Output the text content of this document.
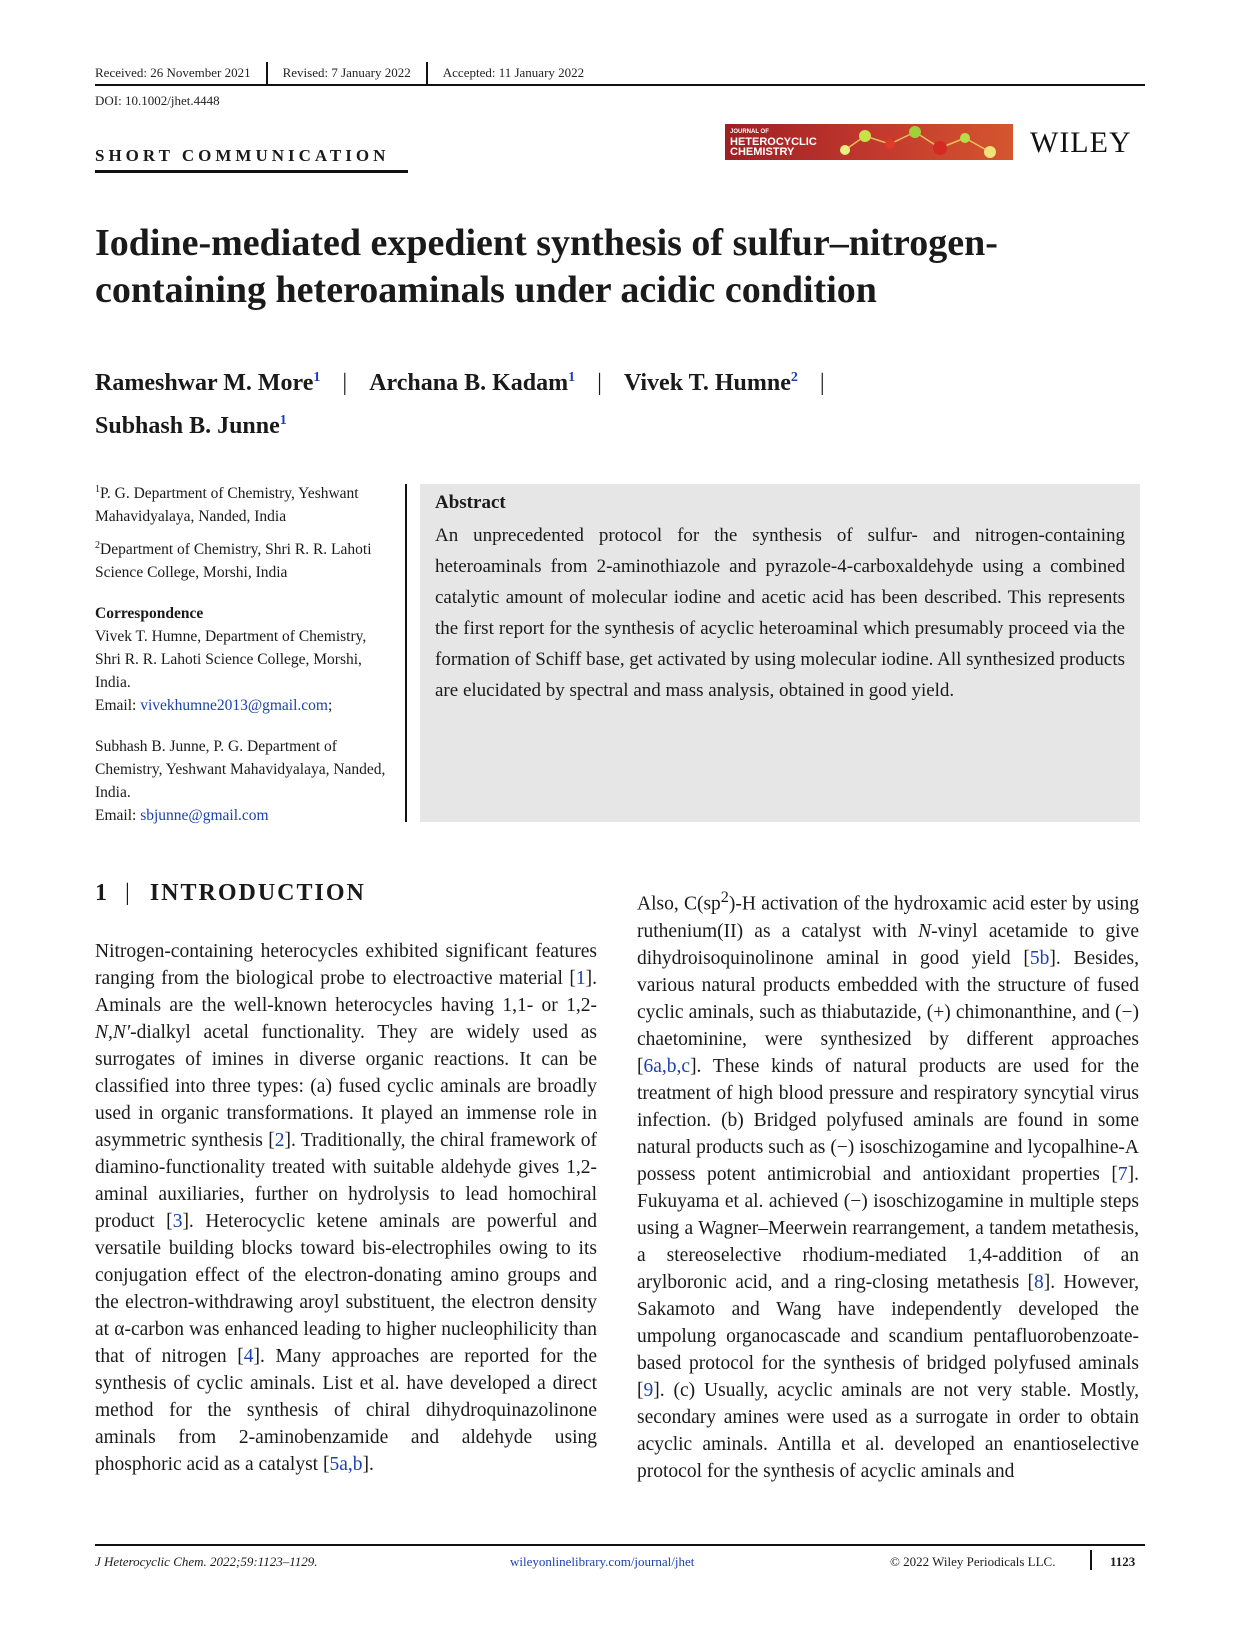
Received: 26 November 2021 Revised: 7 January 2022 Accepted: 11 January 2022
DOI: 10.1002/jhet.4448
SHORT COMMUNICATION
JOURNAL OF
HETEROCYCLIC
CHEMISTRY	WILEY
Iodine-mediated expedient synthesis of sulfur–nitrogen-containing heteroaminals under acidic condition
Rameshwar M. More$^1$ | Archana B. Kadam$^1$ | Vivek T. Humne$^2$ |
Subhash B. Junne$^1$

$^1$P. G. Department of Chemistry, Yeshwant Mahavidyalaya, Nanded, India

$^2$Department of Chemistry, Shri R. R. Lahoti Science College, Morshi, India

Correspondence
Vivek T. Humne, Department of Chemistry, Shri R. R. Lahoti Science College, Morshi, India.
Email: vivekhumne2013@gmail.com;

Subhash B. Junne, P. G. Department of Chemistry, Yeshwant Mahavidyalaya, Nanded, India.
Email: sbjunne@gmail.com

Abstract
An unprecedented protocol for the synthesis of sulfur- and nitrogen-containing heteroaminals from 2-aminothiazole and pyrazole-4-carboxaldehyde using a combined catalytic amount of molecular iodine and acetic acid has been described. This represents the first report for the synthesis of acyclic heteroaminal which presumably proceed via the formation of Schiff base, get activated by using molecular iodine. All synthesized products are elucidated by spectral and mass analysis, obtained in good yield.
1 | INTRODUCTION
Nitrogen-containing heterocycles exhibited significant features ranging from the biological probe to electroactive material [1]. Aminals are the well-known heterocycles having 1,1- or 1,2-N,N′-dialkyl acetal functionality. They are widely used as surrogates of imines in diverse organic reactions. It can be classified into three types: (a) fused cyclic aminals are broadly used in organic transformations. It played an immense role in asymmetric synthesis [2]. Traditionally, the chiral framework of diamino-functionality treated with suitable aldehyde gives 1,2-aminal auxiliaries, further on hydrolysis to lead homochiral product [3]. Heterocyclic ketene aminals are powerful and versatile building blocks toward bis-electrophiles owing to its conjugation effect of the electron-donating amino groups and the electron-withdrawing aroyl substituent, the electron density at α-carbon was enhanced leading to higher nucleophilicity than that of nitrogen [4]. Many approaches are reported for the synthesis of cyclic aminals. List et al. have developed a direct method for the synthesis of chiral dihydroquinazolinone aminals from 2-aminobenzamide and aldehyde using phosphoric acid as a catalyst [5a,b].
Also, $C(sp^2)-H$ activation of the hydroxamic acid ester by using ruthenium(II) as a catalyst with N-vinyl acetamide to give dihydroisoquinolinone aminal in good yield [5b]. Besides, various natural products embedded with the structure of fused cyclic aminals, such as thiabutazide, (+) chimonanthine, and (−) chaetominine, were synthesized by different approaches [6a,b,c]. These kinds of natural products are used for the treatment of high blood pressure and respiratory syncytial virus infection. (b) Bridged polyfused aminals are found in some natural products such as (−) isoschizogamine and lycopalhine-A possess potent antimicrobial and antioxidant properties [7]. Fukuyama et al. achieved (−) isoschizogamine in multiple steps using a Wagner–Meerwein rearrangement, a tandem metathesis, a stereoselective rhodium-mediated 1,4-addition of an arylboronic acid, and a ring-closing metathesis [8]. However, Sakamoto and Wang have independently developed the umpolung organocascade and scandium pentafluorobenzoate-based protocol for the synthesis of bridged polyfused aminals [9]. (c) Usually, acyclic aminals are not very stable. Mostly, secondary amines were used as a surrogate in order to obtain acyclic aminals. Antilla et al. developed an enantioselective protocol for the synthesis of acyclic aminals and
J Heterocyclic Chem. 2022;59:1123–1129.	wileyonlinelibrary.com/journal/jhet	© 2022 Wiley Periodicals LLC.	1123
